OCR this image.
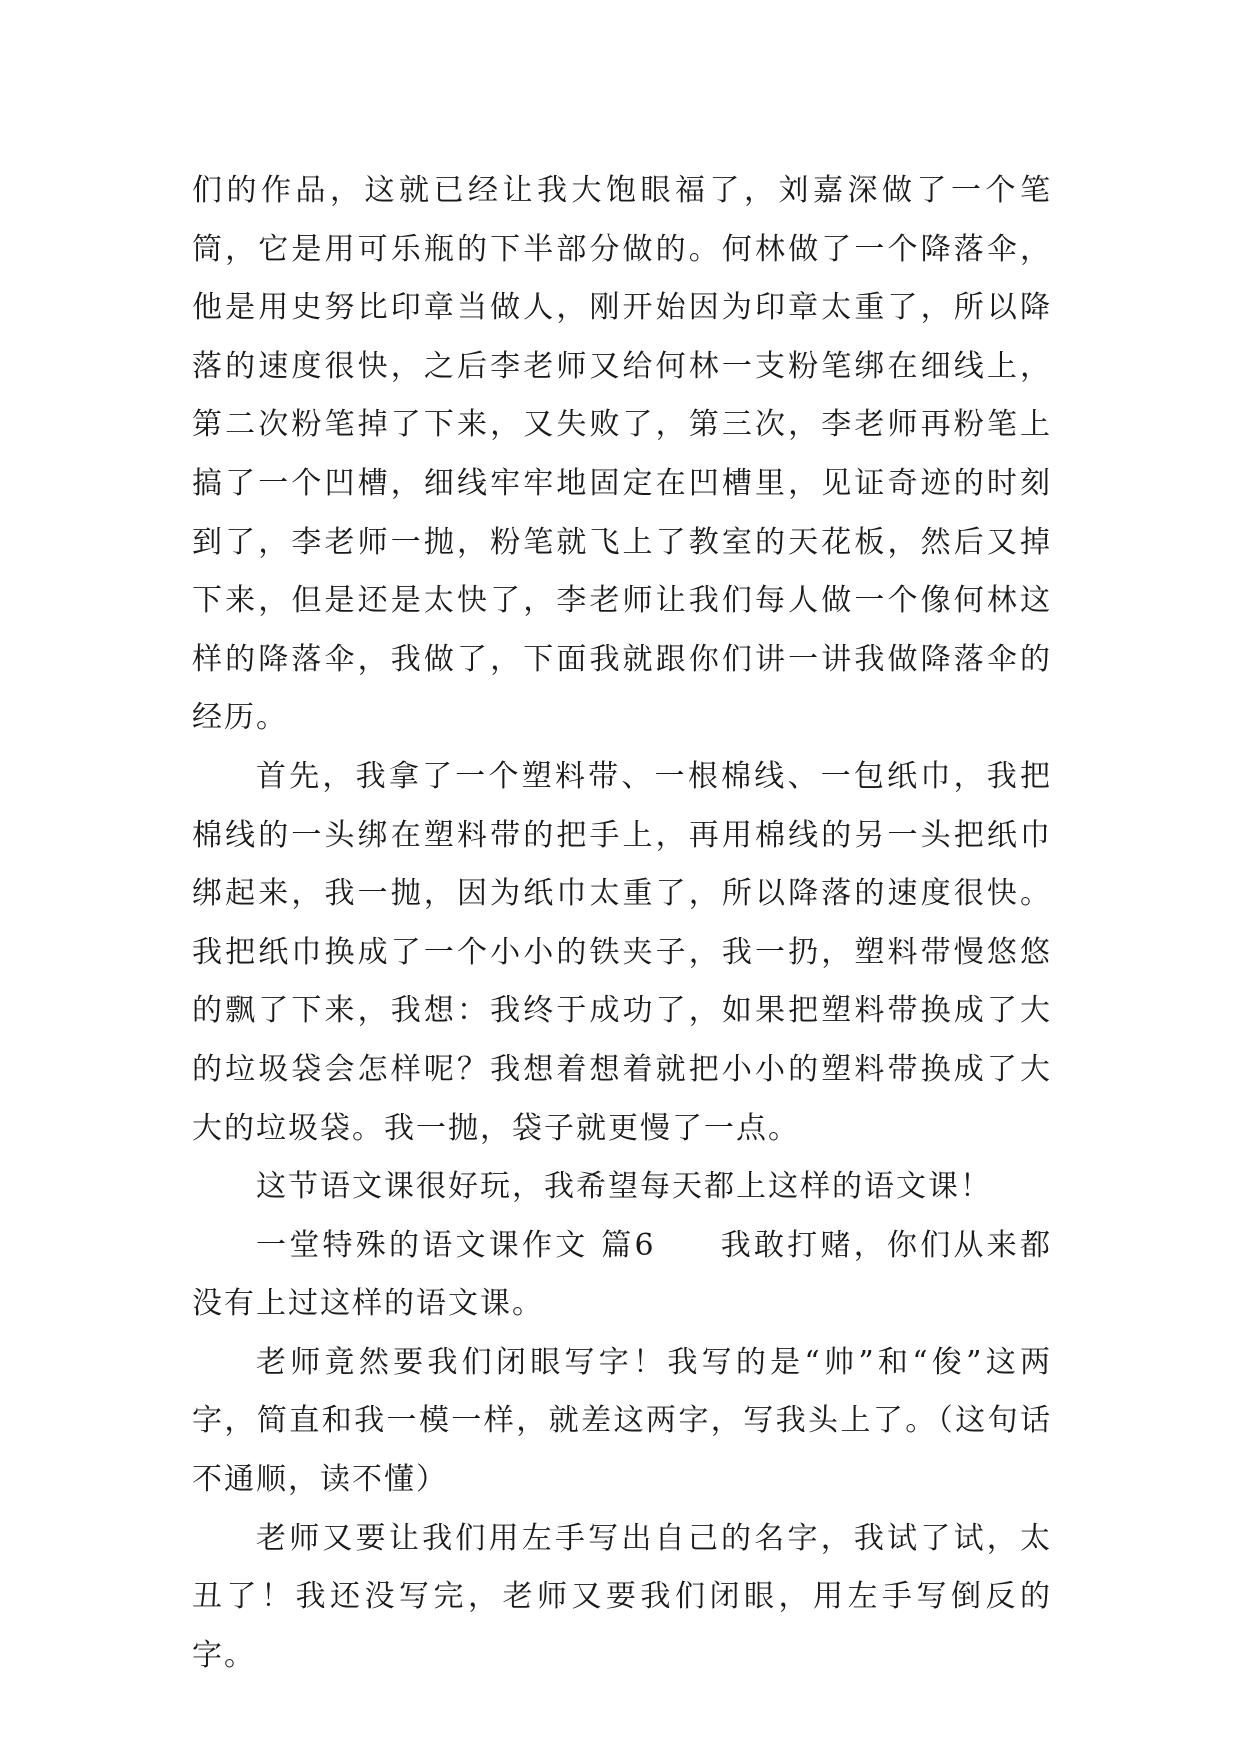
们的作品，这就已经让我大饱眼福了，刘嘉深做了一个笔筒，它是用可乐瓶的下半部分做的。何林做了一个降落伞，他是用史努比印章当做人，刚开始因为印章太重了，所以降落的速度很快，之后李老师又给何林一支粉笔绑在细线上，第二次粉笔掉了下来，又失败了，第三次，李老师再粉笔上搞了一个凹槽，细线牢牢地固定在凹槽里，见证奇迹的时刻到了，李老师一抛，粉笔就飞上了教室的天花板，然后又掉下来，但是还是太快了，李老师让我们每人做一个像何林这样的降落伞，我做了，下面我就跟你们讲一讲我做降落伞的经历。

首先，我拿了一个塑料带、一根棉线、一包纸巾，我把棉线的一头绑在塑料带的把手上，再用棉线的另一头把纸巾绑起来，我一抛，因为纸巾太重了，所以降落的速度很快。我把纸巾换成了一个小小的铁夹子，我一扔，塑料带慢悠悠的飘了下来，我想：我终于成功了，如果把塑料带换成了大的垃圾袋会怎样呢？我想着想着就把小小的塑料带换成了大大的垃圾袋。我一抛，袋子就更慢了一点。

这节语文课很好玩，我希望每天都上这样的语文课！

一堂特殊的语文课作文 篇6 我敢打赌，你们从来都没有上过这样的语文课。

老师竟然要我们闭眼写字！我写的是“帅”和“俊”这两字，简直和我一模一样，就差这两字，写我头上了。（这句话不通顺，读不懂）

老师又要让我们用左手写出自己的名字，我试了试，太丑了！我还没写完，老师又要我们闭眼，用左手写倒反的字。
